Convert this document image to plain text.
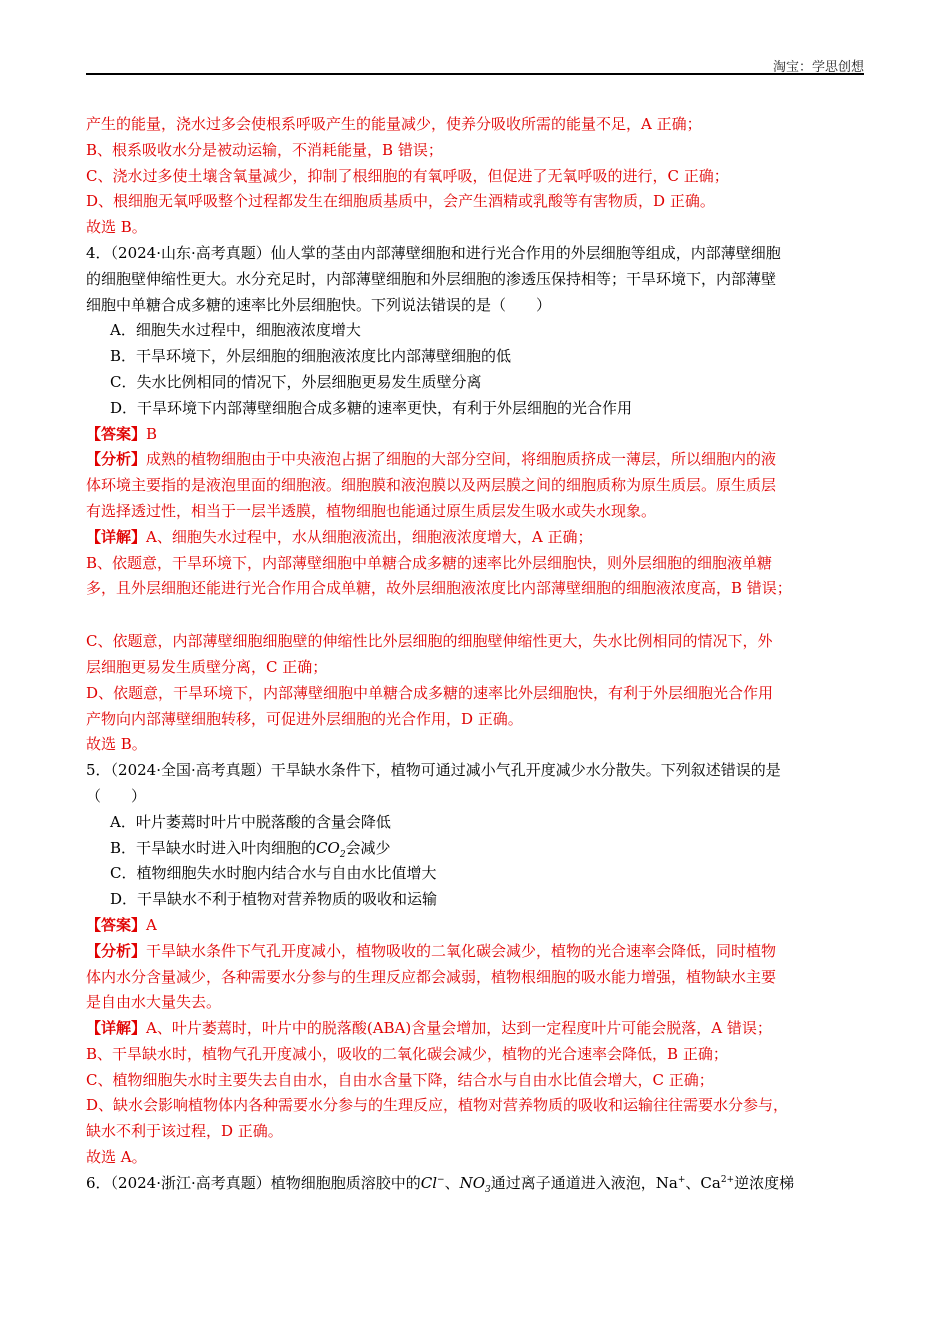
淘宝：学思创想
产生的能量，浇水过多会使根系呼吸产生的能量减少，使养分吸收所需的能量不足，A 正确；
B、根系吸收水分是被动运输，不消耗能量，B 错误；
C、浇水过多使土壤含氧量减少，抑制了根细胞的有氧呼吸，但促进了无氧呼吸的进行，C 正确；
D、根细胞无氧呼吸整个过程都发生在细胞质基质中，会产生酒精或乳酸等有害物质，D 正确。
故选 B。
4．（2024·山东·高考真题）仙人掌的茎由内部薄壁细胞和进行光合作用的外层细胞等组成，内部薄壁细胞
的细胞壁伸缩性更大。水分充足时，内部薄壁细胞和外层细胞的渗透压保持相等；干旱环境下，内部薄壁
细胞中单糖合成多糖的速率比外层细胞快。下列说法错误的是（　　）
A．细胞失水过程中，细胞液浓度增大
B．干旱环境下，外层细胞的细胞液浓度比内部薄壁细胞的低
C．失水比例相同的情况下，外层细胞更易发生质壁分离
D．干旱环境下内部薄壁细胞合成多糖的速率更快，有利于外层细胞的光合作用
【答案】B
【分析】成熟的植物细胞由于中央液泡占据了细胞的大部分空间，将细胞质挤成一薄层，所以细胞内的液
体环境主要指的是液泡里面的细胞液。细胞膜和液泡膜以及两层膜之间的细胞质称为原生质层。原生质层
有选择透过性，相当于一层半透膜，植物细胞也能通过原生质层发生吸水或失水现象。
【详解】A、细胞失水过程中，水从细胞液流出，细胞液浓度增大，A 正确；
B、依题意，干旱环境下，内部薄壁细胞中单糖合成多糖的速率比外层细胞快，则外层细胞的细胞液单糖
多，且外层细胞还能进行光合作用合成单糖，故外层细胞液浓度比内部薄壁细胞的细胞液浓度高，B 错误；
C、依题意，内部薄壁细胞细胞壁的伸缩性比外层细胞的细胞壁伸缩性更大，失水比例相同的情况下，外
层细胞更易发生质壁分离，C 正确；
D、依题意，干旱环境下，内部薄壁细胞中单糖合成多糖的速率比外层细胞快，有利于外层细胞光合作用
产物向内部薄壁细胞转移，可促进外层细胞的光合作用，D 正确。
故选 B。
5．（2024·全国·高考真题）干旱缺水条件下，植物可通过减小气孔开度减少水分散失。下列叙述错误的是
（　　）
A．叶片萎蔫时叶片中脱落酸的含量会降低
B．干旱缺水时进入叶肉细胞的$CO_2$会减少
C．植物细胞失水时胞内结合水与自由水比值增大
D．干旱缺水不利于植物对营养物质的吸收和运输
【答案】A
【分析】干旱缺水条件下气孔开度减小，植物吸收的二氧化碳会减少，植物的光合速率会降低，同时植物
体内水分含量减少，各种需要水分参与的生理反应都会减弱，植物根细胞的吸水能力增强，植物缺水主要
是自由水大量失去。
【详解】A、叶片萎蔫时，叶片中的脱落酸(ABA)含量会增加，达到一定程度叶片可能会脱落，A 错误；
B、干旱缺水时，植物气孔开度减小，吸收的二氧化碳会减少，植物的光合速率会降低，B 正确；
C、植物细胞失水时主要失去自由水，自由水含量下降，结合水与自由水比值会增大，C 正确；
D、缺水会影响植物体内各种需要水分参与的生理反应，植物对营养物质的吸收和运输往往需要水分参与，
缺水不利于该过程，D 正确。
故选 A。
6．（2024·浙江·高考真题）植物细胞胞质溶胶中的Cl−、$NO_3$通过离子通道进入液泡，Na+、$Ca^{2+}$逆浓度梯
